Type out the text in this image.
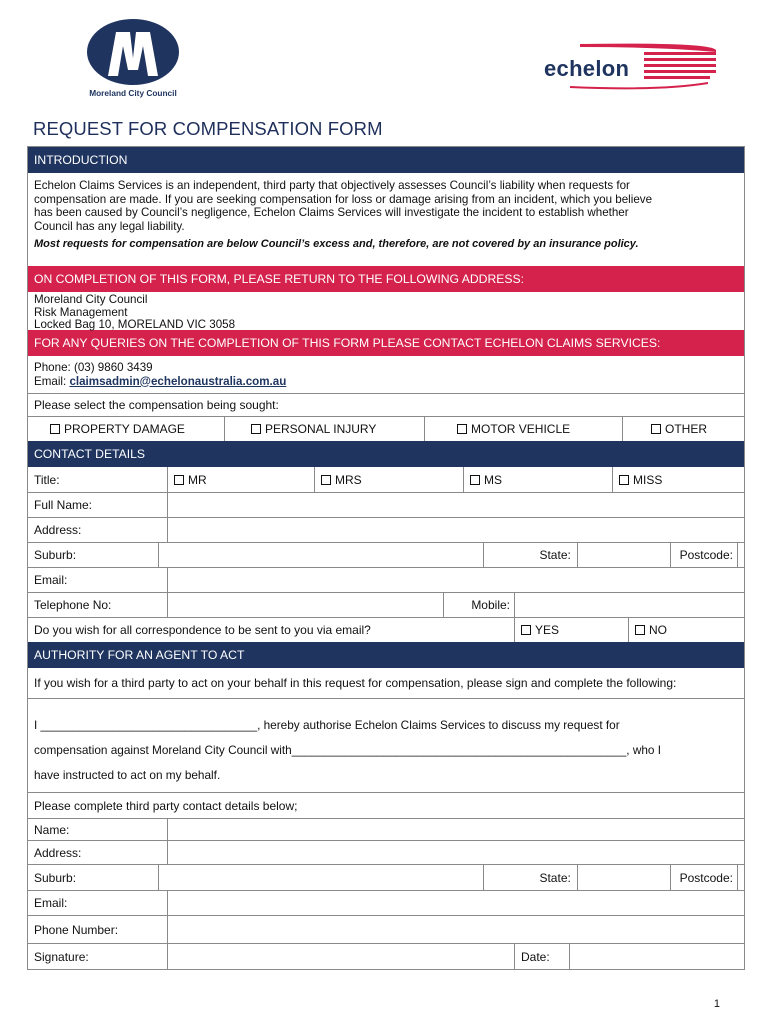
Moreland City Council
echelon
REQUEST FOR COMPENSATION FORM
INTRODUCTION
Echelon Claims Services is an independent, third party that objectively assesses Council’s liability when requests for
compensation are made. If you are seeking compensation for loss or damage arising from an incident, which you believe
has been caused by Council’s negligence, Echelon Claims Services will investigate the incident to establish whether
Council has any legal liability.
Most requests for compensation are below Council’s excess and, therefore, are not covered by an insurance policy.
ON COMPLETION OF THIS FORM, PLEASE RETURN TO THE FOLLOWING ADDRESS:
Moreland City Council
Risk Management
Locked Bag 10, MORELAND VIC 3058
FOR ANY QUERIES ON THE COMPLETION OF THIS FORM PLEASE CONTACT ECHELON CLAIMS SERVICES:
Phone: (03) 9860 3439
Email: claimsadmin@echelonaustralia.com.au
Please select the compensation being sought:
PROPERTY DAMAGE	PERSONAL INJURY	MOTOR VEHICLE	OTHER
CONTACT DETAILS
Title:	MR	MRS	MS	MISS
Full Name:
Address:
Suburb:	State:	Postcode:
Email:
Telephone No:	Mobile:
Do you wish for all correspondence to be sent to you via email?	YES	NO
AUTHORITY FOR AN AGENT TO ACT
If you wish for a third party to act on your behalf in this request for compensation, please sign and complete the following:
I _________________________________, hereby authorise Echelon Claims Services to discuss my request for
compensation against Moreland City Council with___________________________________________________, who I
have instructed to act on my behalf.
Please complete third party contact details below;
Name:
Address:
Suburb:	State:	Postcode:
Email:
Phone Number:
Signature:	Date:
1
